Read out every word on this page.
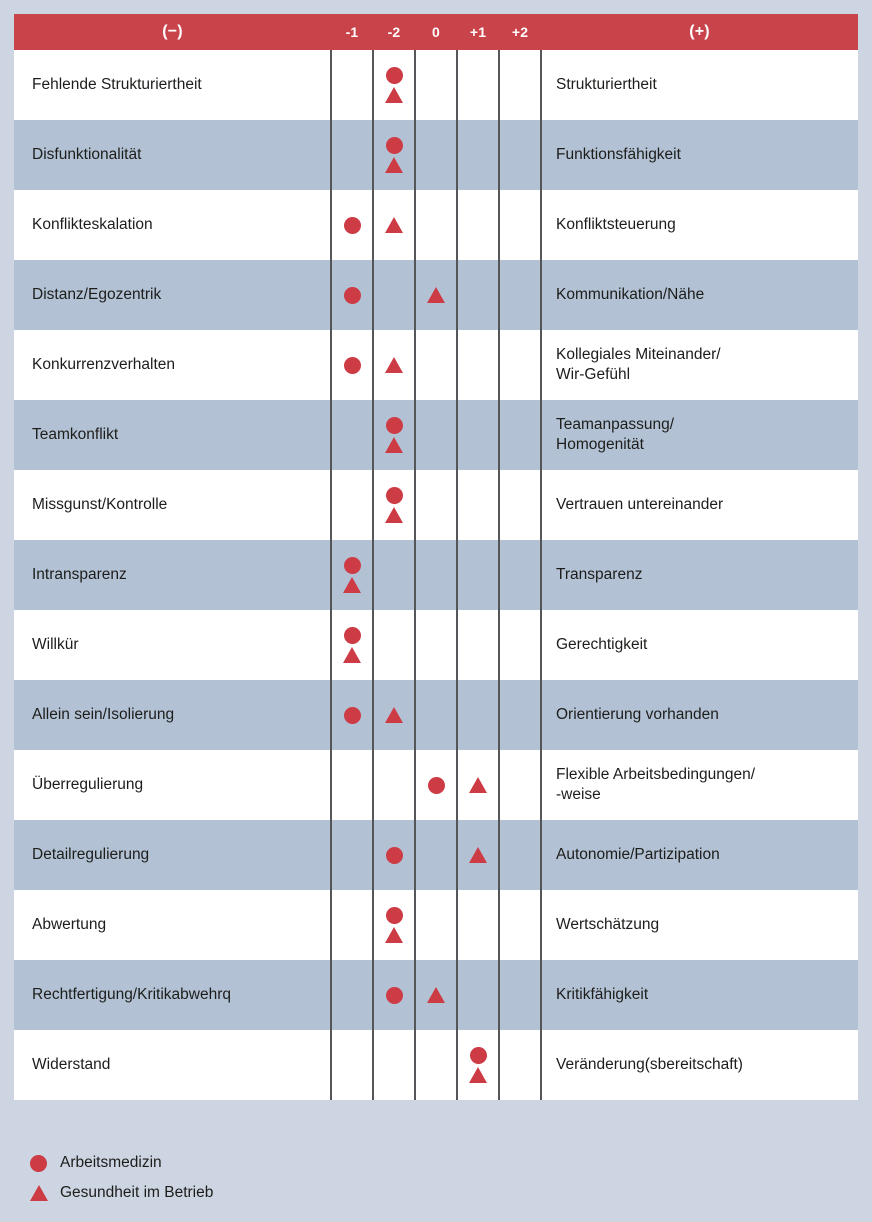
(−)	-1	-2	0	+1	+2	(+)
Fehlende Strukturiertheit						Strukturiertheit
Disfunktionalität						Funktionsfähigkeit
Konflikteskalation						Konfliktsteuerung
Distanz/Egozentrik						Kommunikation/Nähe
Konkurrenzverhalten						Kollegiales Miteinander/
Wir-Gefühl
Teamkonflikt						Teamanpassung/
Homogenität
Missgunst/Kontrolle						Vertrauen untereinander
Intransparenz						Transparenz
Willkür						Gerechtigkeit
Allein sein/Isolierung						Orientierung vorhanden
Überregulierung						Flexible Arbeitsbedingungen/
-weise
Detailregulierung						Autonomie/Partizipation
Abwertung						Wertschätzung
Rechtfertigung/Kritikabwehrq						Kritikfähigkeit
Widerstand						Veränderung(sbereitschaft)
Arbeitsmedizin
Gesundheit im Betrieb
